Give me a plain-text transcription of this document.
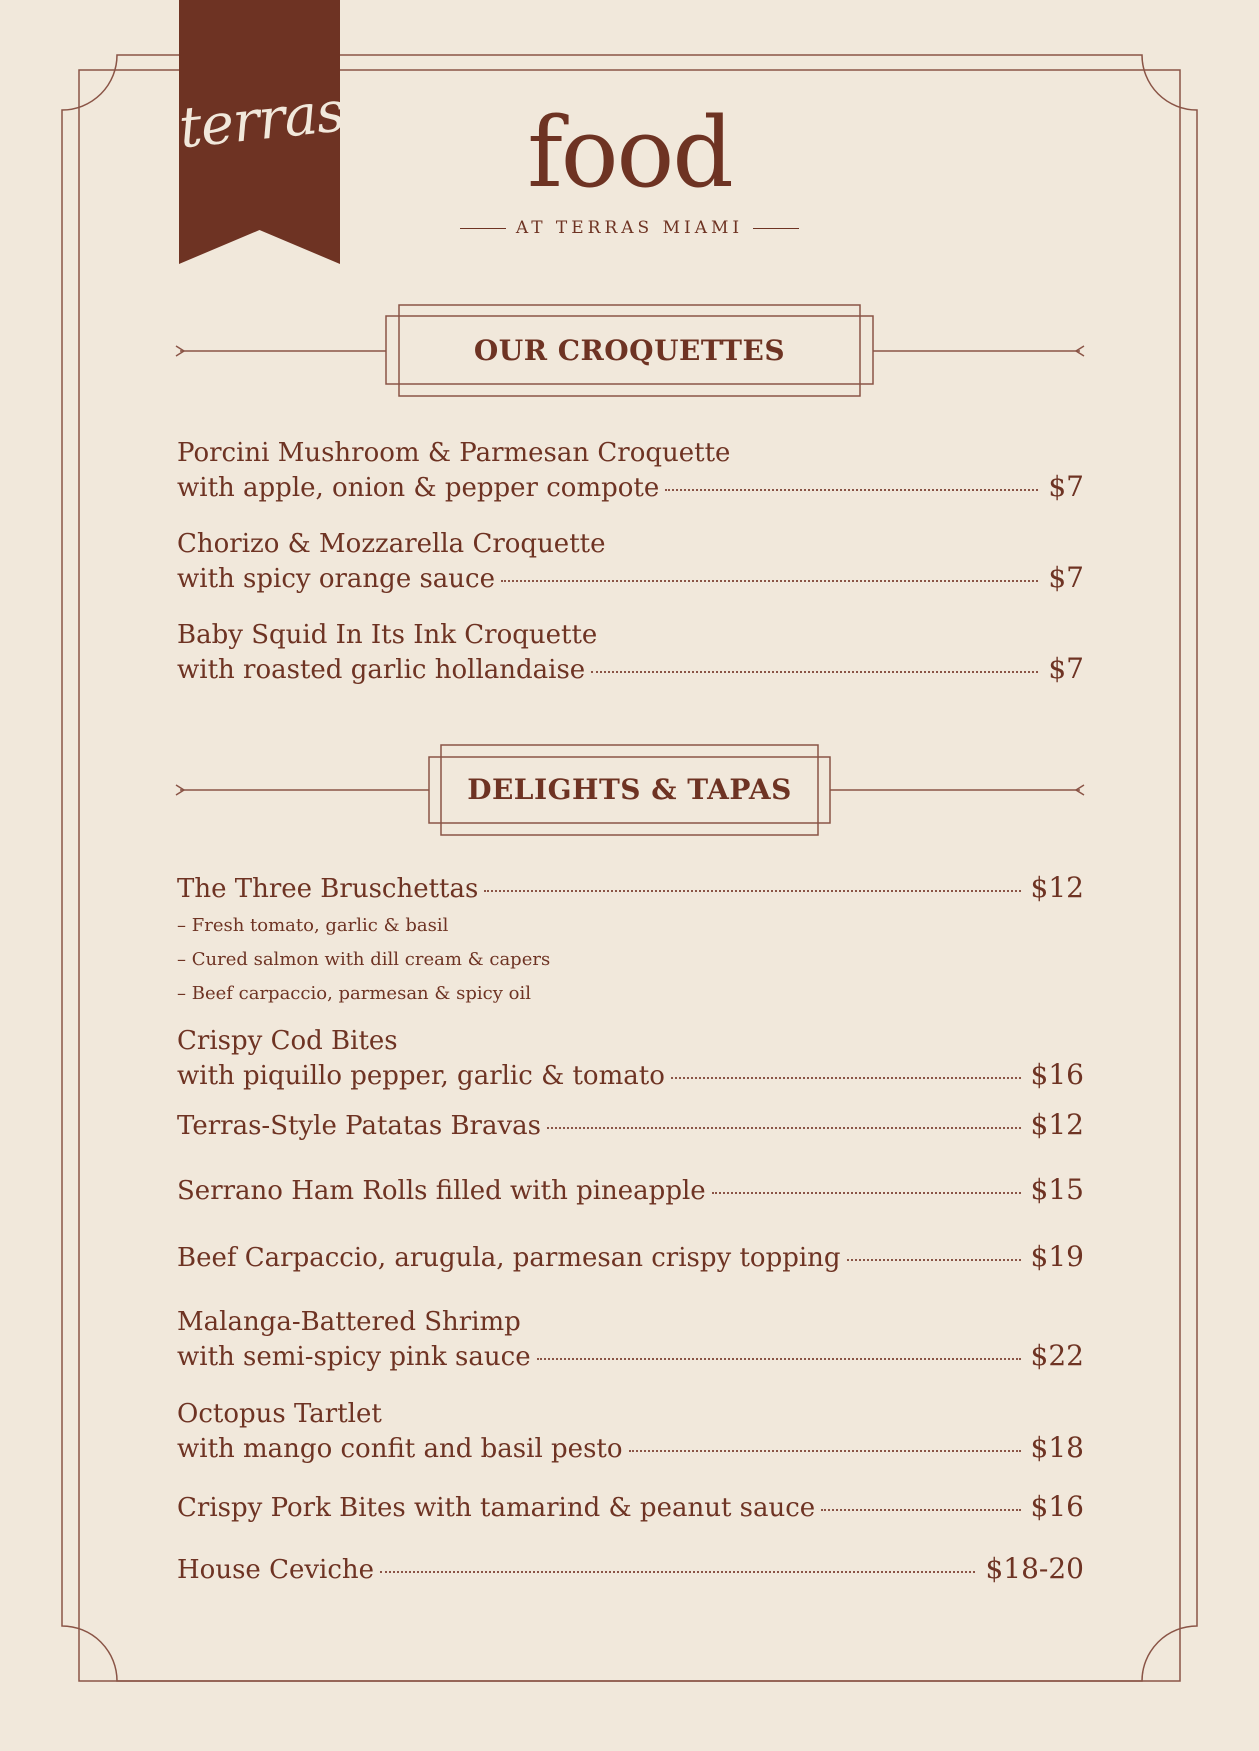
terras	food
AT TERRAS MIAMI
OUR CROQUETTES
Porcini Mushroom & Parmesan Croquette
with apple, onion & pepper compote	$7
Chorizo & Mozzarella Croquette
with spicy orange sauce	$7
Baby Squid In Its Ink Croquette
with roasted garlic hollandaise	$7
DELIGHTS & TAPAS
The Three Bruschettas	$12
– Fresh tomato, garlic & basil
– Cured salmon with dill cream & capers
– Beef carpaccio, parmesan & spicy oil
Crispy Cod Bites
with piquillo pepper, garlic & tomato	$16
Terras-Style Patatas Bravas	$12
Serrano Ham Rolls filled with pineapple	$15
Beef Carpaccio, arugula, parmesan crispy topping	$19
Malanga-Battered Shrimp
with semi-spicy pink sauce	$22
Octopus Tartlet
with mango confit and basil pesto	$18
Crispy Pork Bites with tamarind & peanut sauce	$16
House Ceviche	$18-20
